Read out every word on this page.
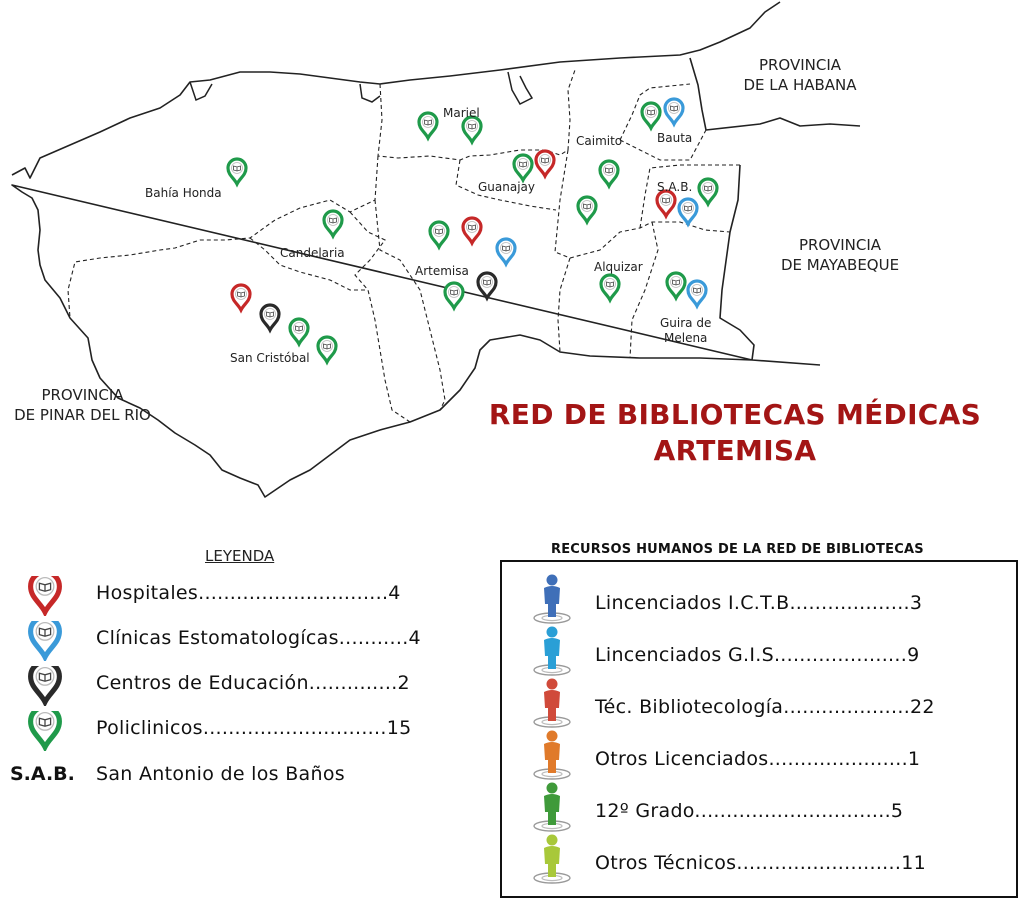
PROVINCIA
DE LA HABANA
PROVINCIA
DE MAYABEQUE
PROVINCIA
DE PINAR DEL RIO
Mariel
Caimito	Bauta
Bahía Honda	Guanajay	S.A.B.
Candelaria
Artemisa	Alquizar
Guira de
Melena
San Cristóbal
RED DE BIBLIOTECAS MÉDICAS
ARTEMISA
LEYENDA
Hospitales..............................4
Clínicas Estomatologícas...........4
Centros de Educación..............2
Policlinicos.............................15
S.A.B. San Antonio de los Baños
RECURSOS HUMANOS DE LA RED DE BIBLIOTECAS
Lincenciados I.C.T.B...................3
Lincenciados G.I.S.....................9
Téc. Bibliotecología....................22
Otros Licenciados......................1
12º Grado...............................5
Otros Técnicos..........................11
